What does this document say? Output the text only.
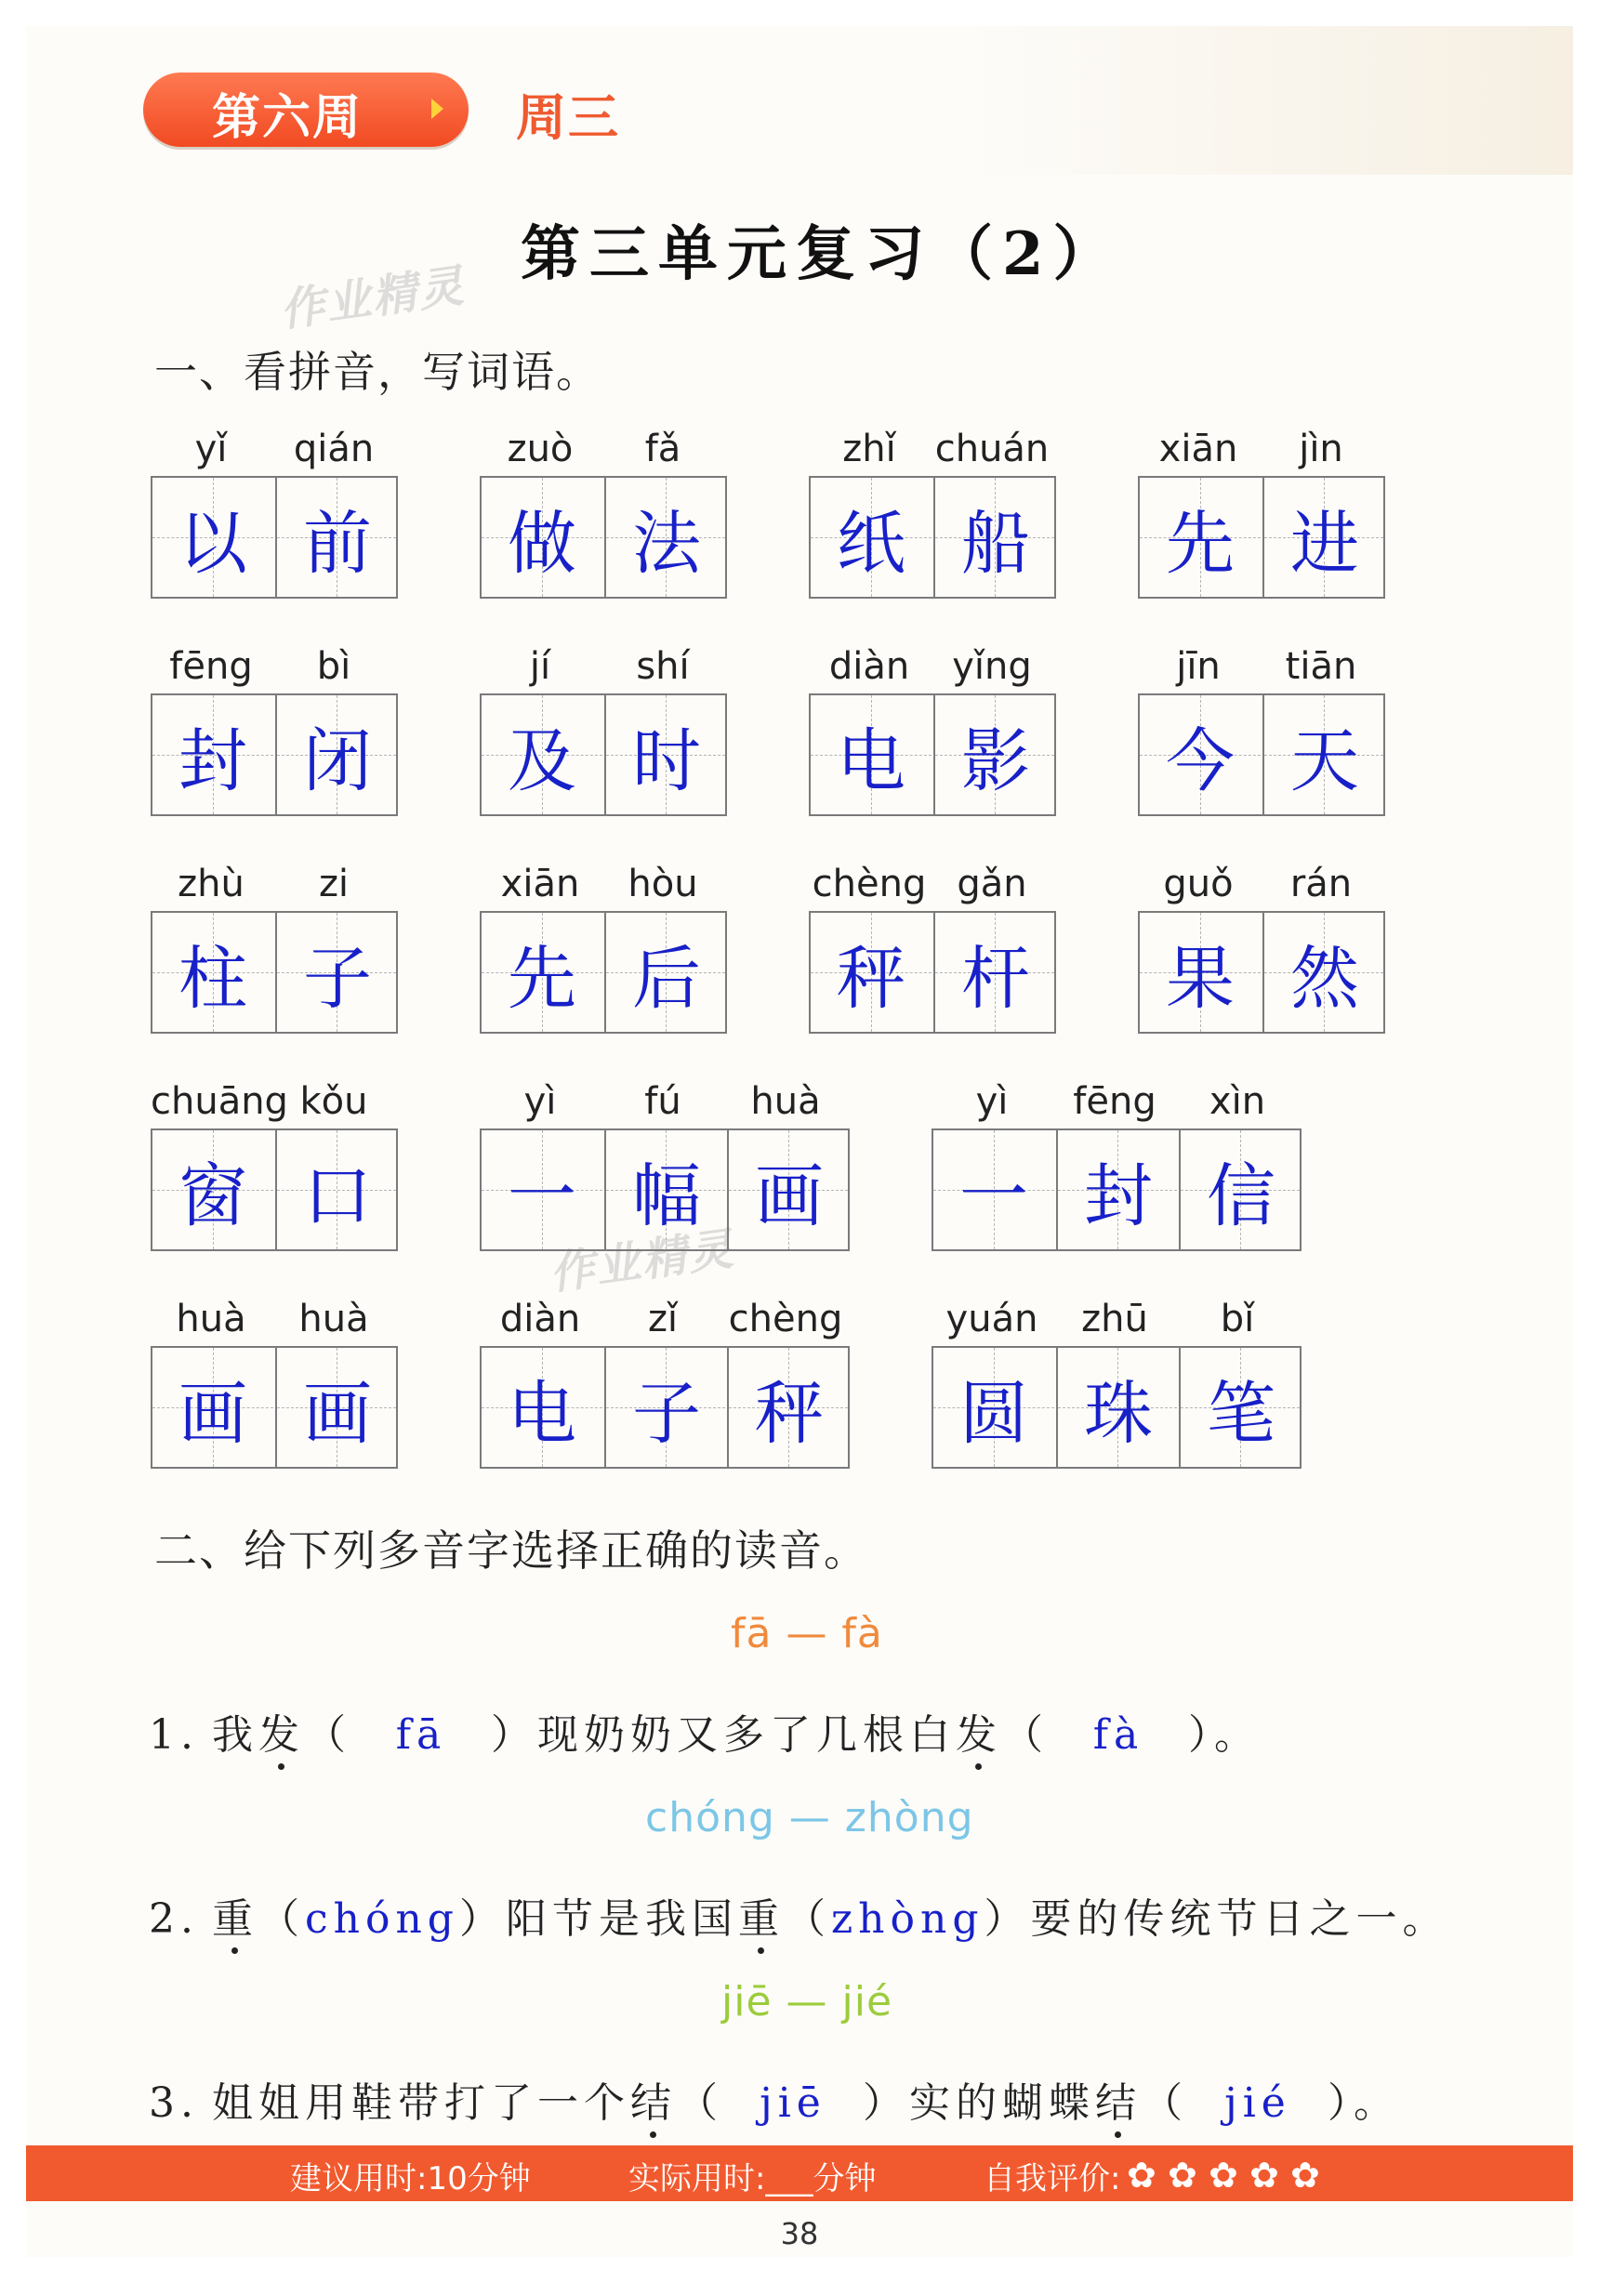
第六周	周三
第三单元复习（2）
作业精灵
作业精灵
一、看拼音，写词语。
yǐ	qián
以 前
zuò	fǎ
做 法
zhǐ	chuán
纸 船
xiān	jìn
先 进
fēng	bì
封 闭
jí	shí
及 时
diàn	yǐng
电 影
jīn	tiān
今 天
zhù	zi
柱 子
xiān	hòu
先 后
chèng gǎn
秤 杆
guǒ	rán
果 然
chuāng kǒu
窗 口
yì	fú	huà
一 幅 画
yì	fēng	xìn
一 封 信
huà	huà
画 画
diàn	zǐ	chèng
电 子 秤
yuán	zhū	bǐ
圆 珠 笔
二、给下列多音字选择正确的读音。
fā — fà
1. 我发（ fā ）现奶奶又多了几根白发（ fà ）。
chóng — zhòng
2. 重（chóng）阳节是我国重（zhòng）要的传统节日之一。
jiē — jié
3. 姐姐用鞋带打了一个结（ jiē ）实的蝴蝶结（ jié ）。
建议用时:10分钟	实际用时:___分钟	自我评价: ✿ ✿ ✿ ✿ ✿
38
